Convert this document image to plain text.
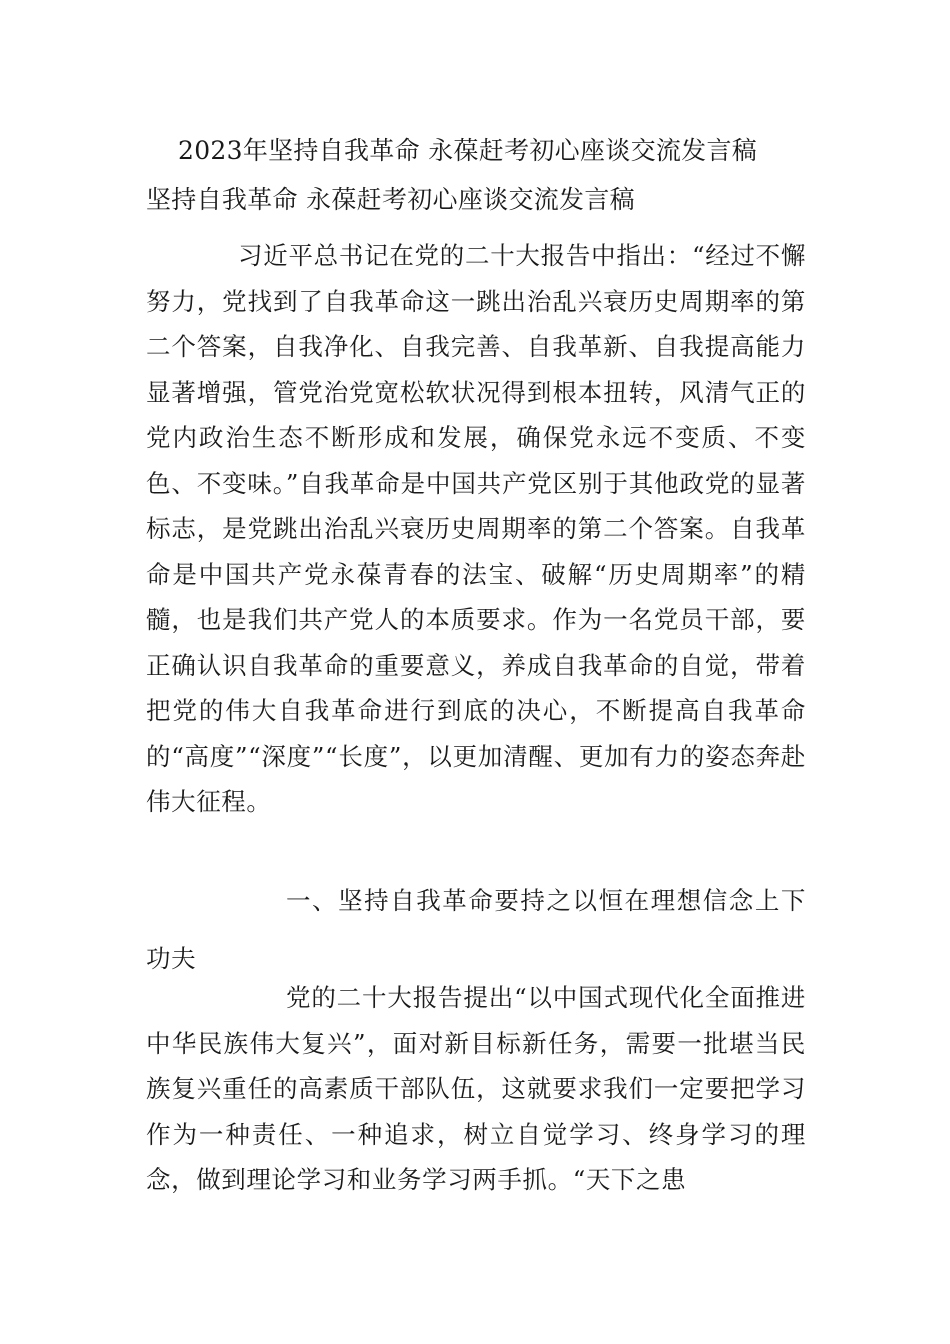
2023年坚持自我革命 永葆赶考初心座谈交流发言稿
坚持自我革命 永葆赶考初心座谈交流发言稿
习近平总书记在党的二十大报告中指出：“经过不懈努力，党找到了自我革命这一跳出治乱兴衰历史周期率的第二个答案，自我净化、自我完善、自我革新、自我提高能力显著增强，管党治党宽松软状况得到根本扭转，风清气正的党内政治生态不断形成和发展，确保党永远不变质、不变色、不变味。”自我革命是中国共产党区别于其他政党的显著标志，是党跳出治乱兴衰历史周期率的第二个答案。自我革命是中国共产党永葆青春的法宝、破解“历史周期率”的精髓，也是我们共产党人的本质要求。作为一名党员干部，要正确认识自我革命的重要意义，养成自我革命的自觉，带着把党的伟大自我革命进行到底的决心，不断提高自我革命的“高度”“深度”“长度”，以更加清醒、更加有力的姿态奔赴伟大征程。
一、坚持自我革命要持之以恒在理想信念上下功夫
党的二十大报告提出“以中国式现代化全面推进中华民族伟大复兴”，面对新目标新任务，需要一批堪当民族复兴重任的高素质干部队伍，这就要求我们一定要把学习作为一种责任、一种追求，树立自觉学习、终身学习的理念，做到理论学习和业务学习两手抓。“天下之患
